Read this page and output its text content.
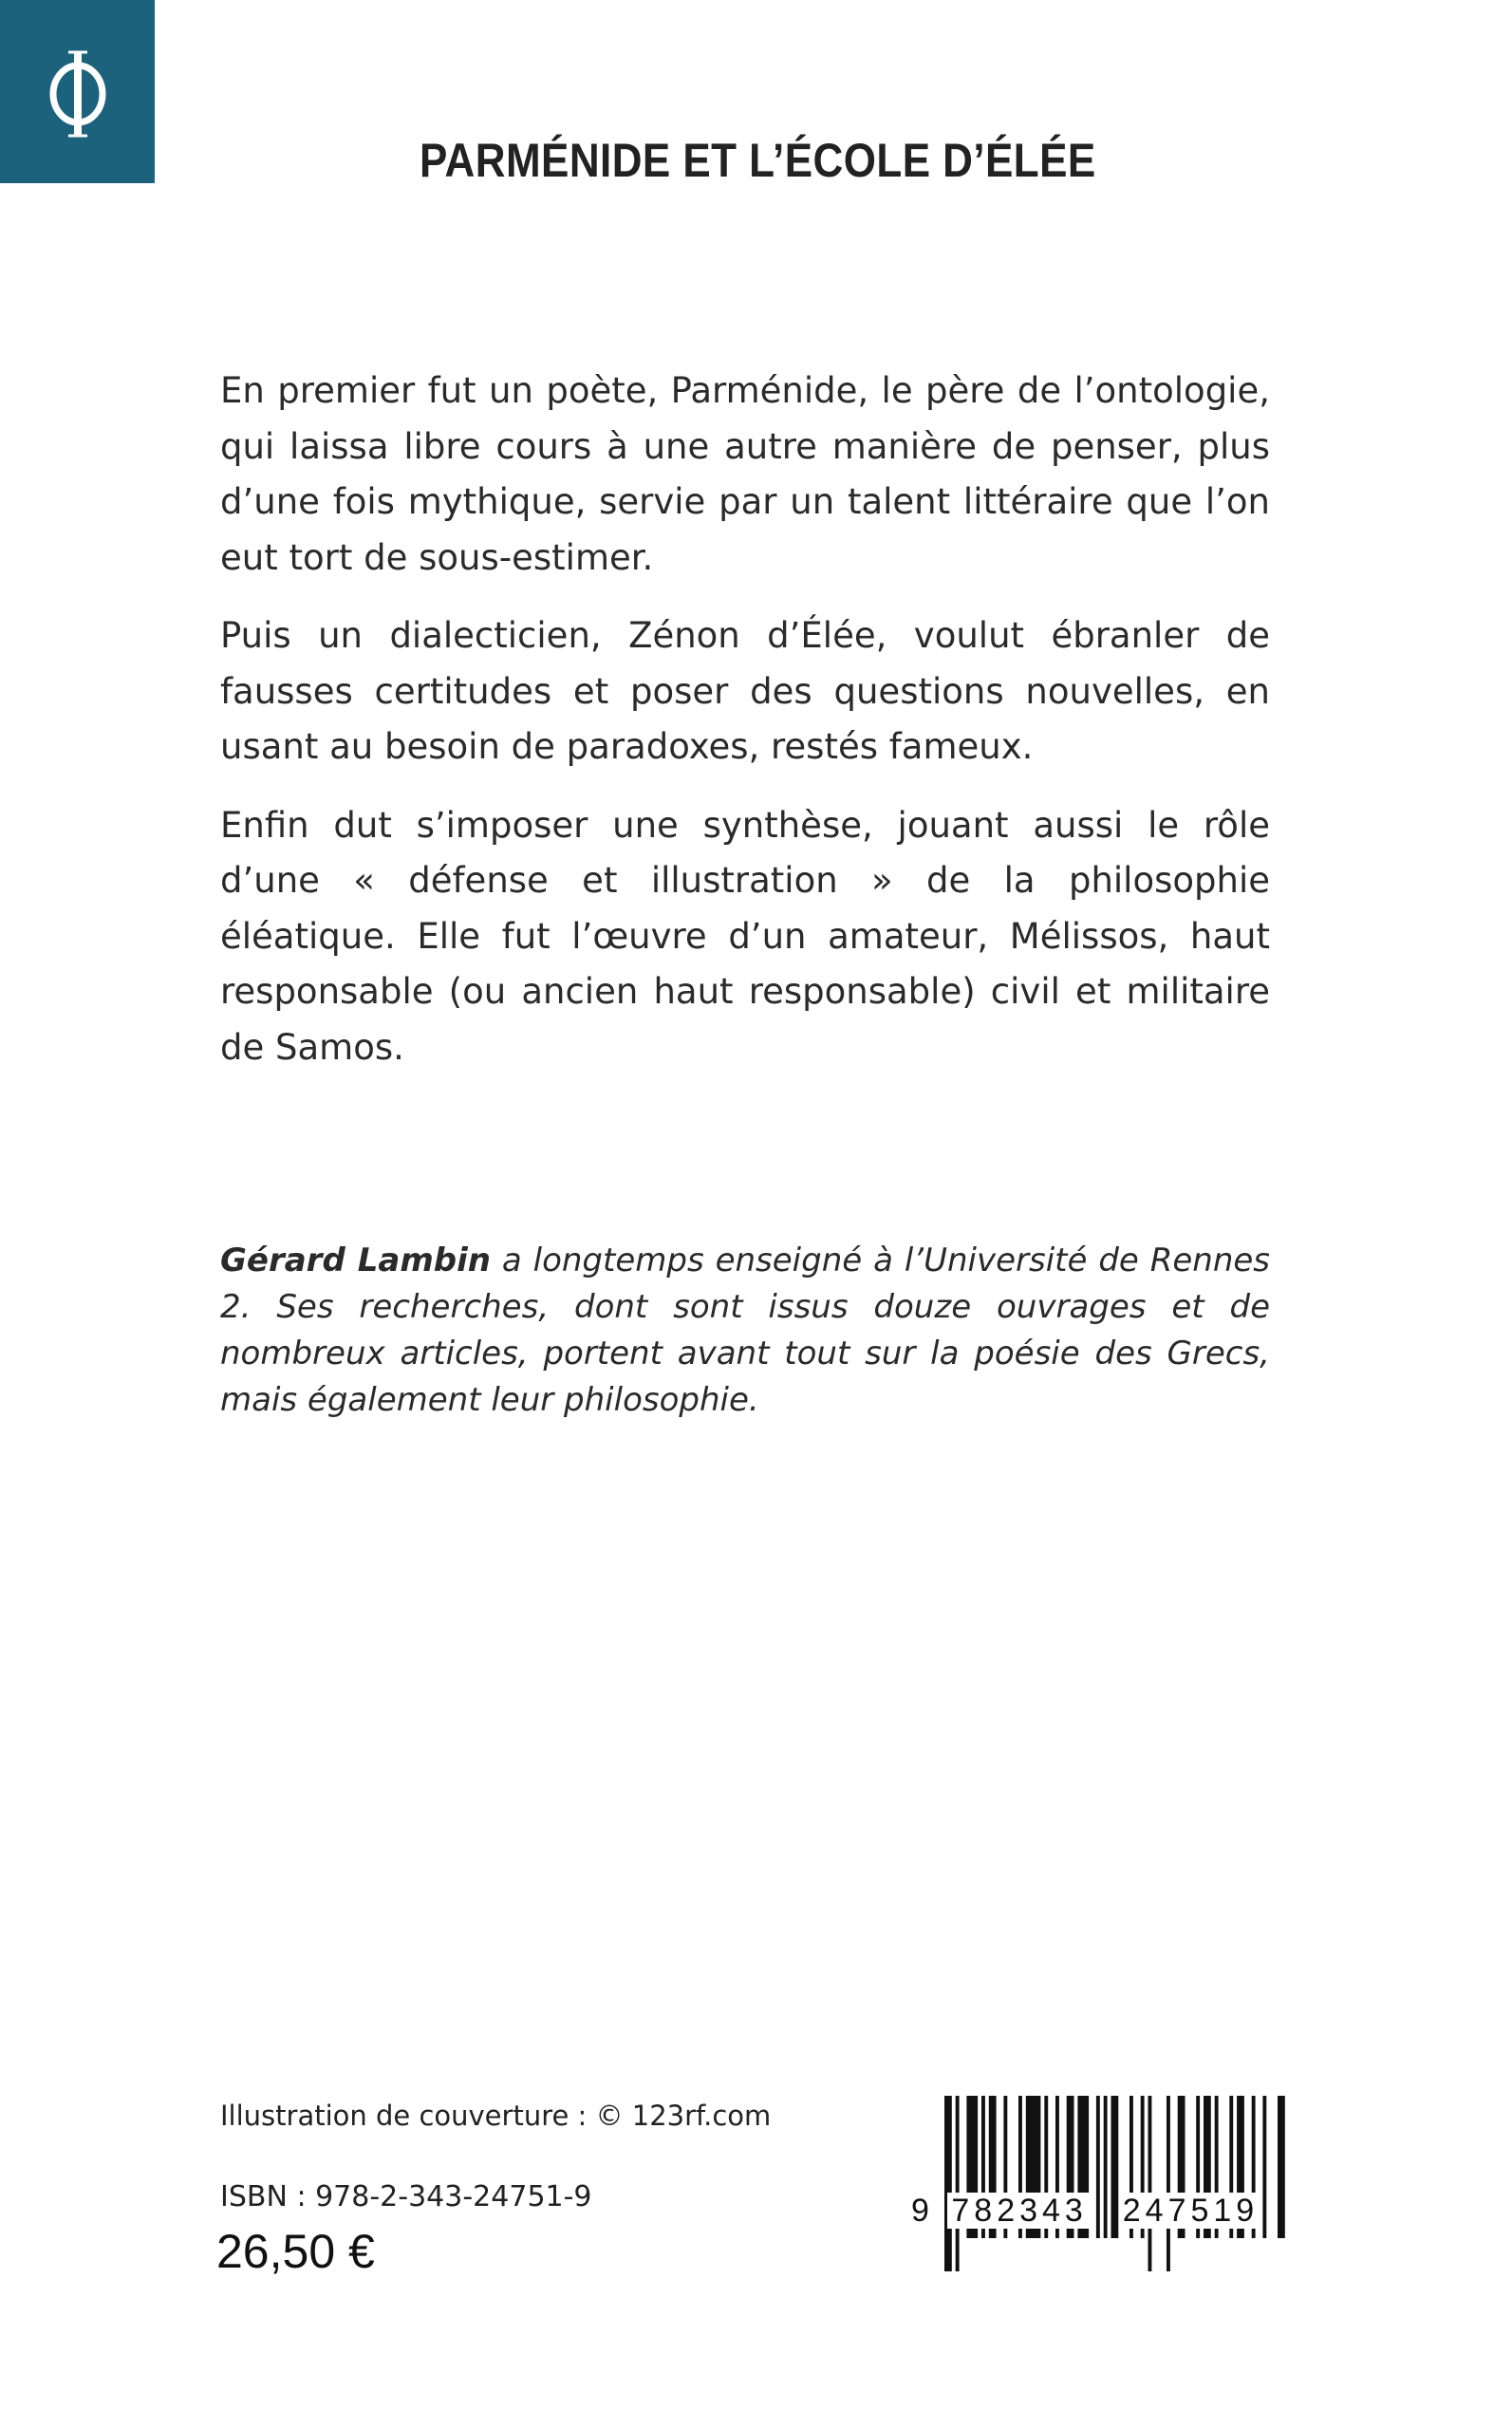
PARMÉNIDE ET L’ÉCOLE D’ÉLÉE

En premier fut un poète, Parménide, le père de l’ontologie, qui laissa libre cours à une autre manière de penser, plus d’une fois mythique, servie par un talent littéraire que l’on eut tort de sous-estimer.

Puis un dialecticien, Zénon d’Élée, voulut ébranler de fausses certitudes et poser des questions nouvelles, en usant au besoin de paradoxes, restés fameux.

Enfin dut s’imposer une synthèse, jouant aussi le rôle d’une « défense et illustration » de la philosophie éléatique. Elle fut l’œuvre d’un amateur, Mélissos, haut responsable (ou ancien haut responsable) civil et militaire de Samos.

Gérard Lambin a longtemps enseigné à l’Université de Rennes 2. Ses recherches, dont sont issus douze ouvrages et de nombreux articles, portent avant tout sur la poésie des Grecs, mais également leur philosophie.
Illustration de couverture : © 123rf.com
ISBN : 978-2-343-24751-9
26,50 €
9 782343 247519
